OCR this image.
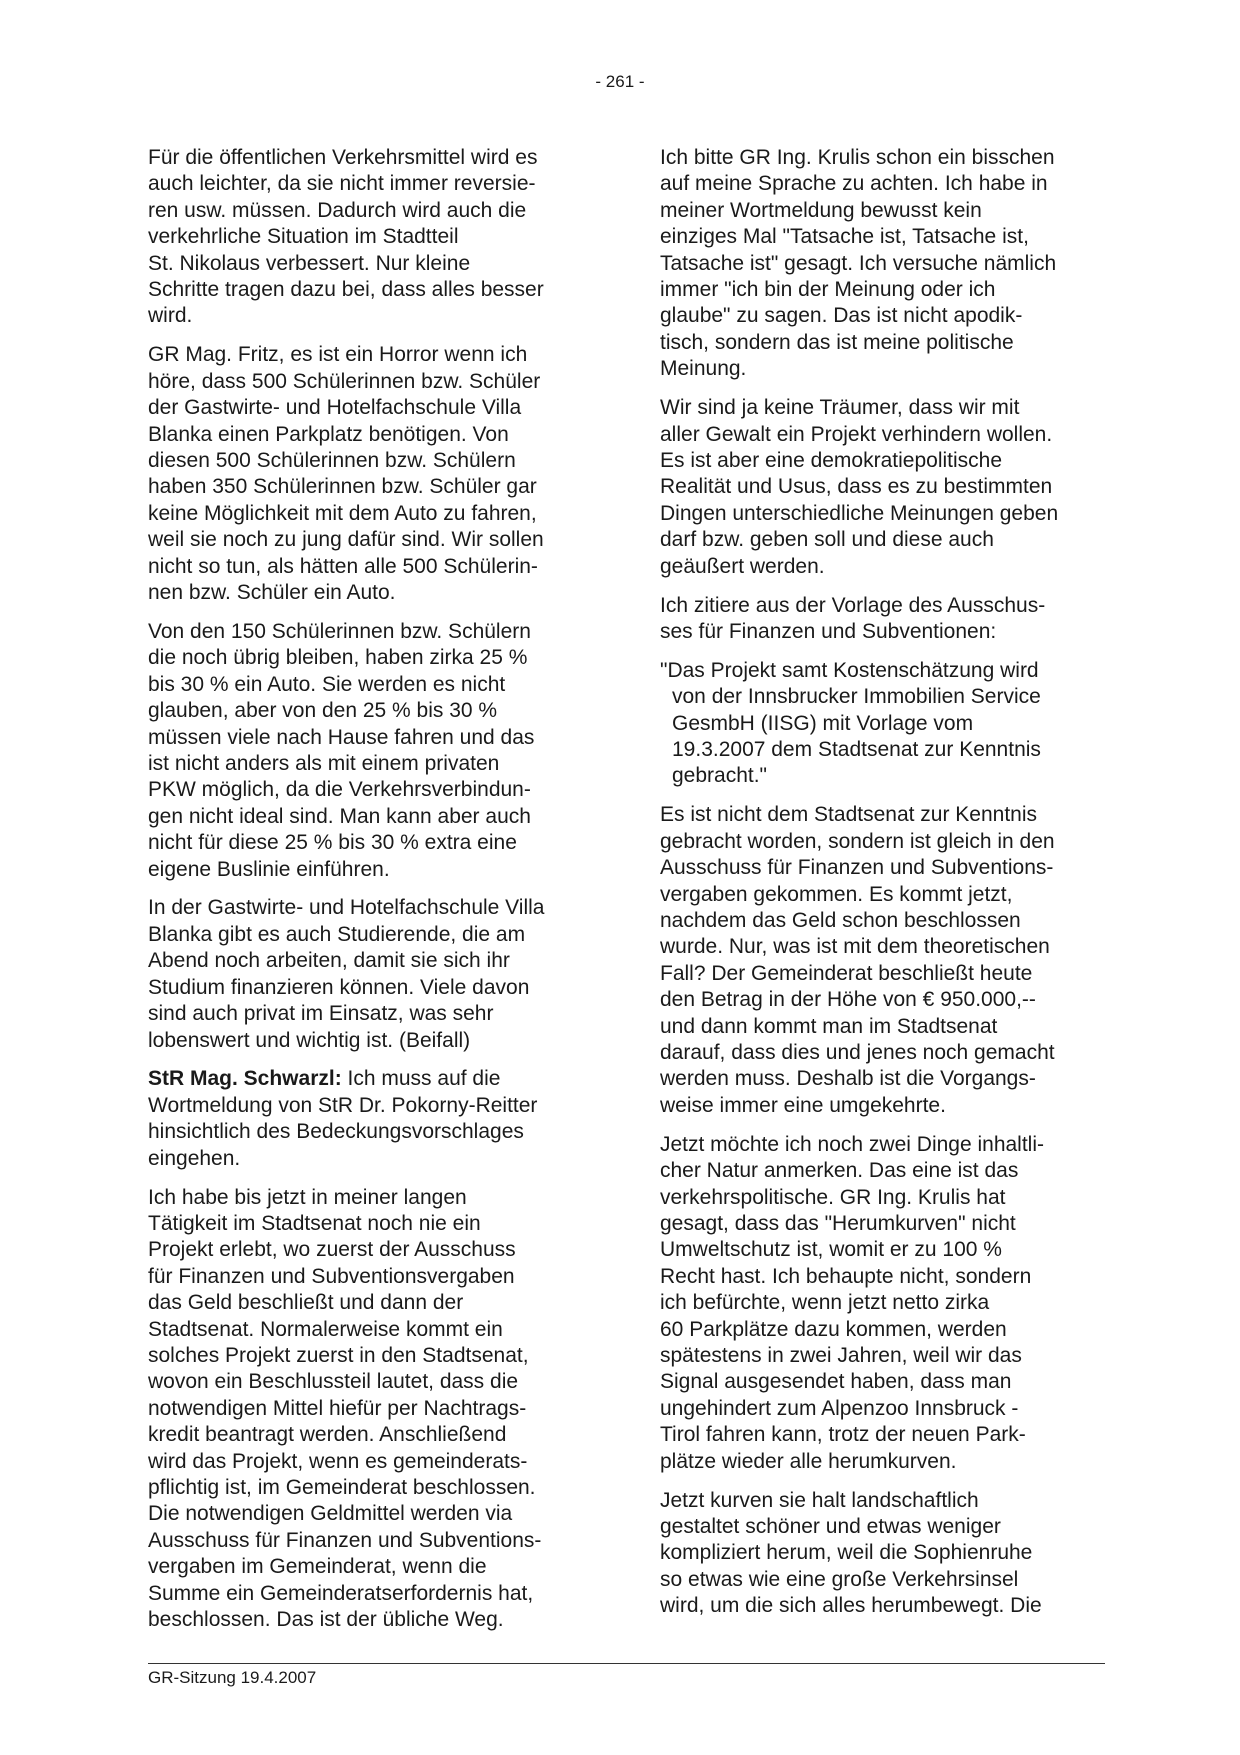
- 261 -

Für die öffentlichen Verkehrsmittel wird es
auch leichter, da sie nicht immer reversie-
ren usw. müssen. Dadurch wird auch die
verkehrliche Situation im Stadtteil
St. Nikolaus verbessert. Nur kleine
Schritte tragen dazu bei, dass alles besser
wird.

GR Mag. Fritz, es ist ein Horror wenn ich
höre, dass 500 Schülerinnen bzw. Schüler
der Gastwirte- und Hotelfachschule Villa
Blanka einen Parkplatz benötigen. Von
diesen 500 Schülerinnen bzw. Schülern
haben 350 Schülerinnen bzw. Schüler gar
keine Möglichkeit mit dem Auto zu fahren,
weil sie noch zu jung dafür sind. Wir sollen
nicht so tun, als hätten alle 500 Schülerin-
nen bzw. Schüler ein Auto.

Von den 150 Schülerinnen bzw. Schülern
die noch übrig bleiben, haben zirka 25 %
bis 30 % ein Auto. Sie werden es nicht
glauben, aber von den 25 % bis 30 %
müssen viele nach Hause fahren und das
ist nicht anders als mit einem privaten
PKW möglich, da die Verkehrsverbindun-
gen nicht ideal sind. Man kann aber auch
nicht für diese 25 % bis 30 % extra eine
eigene Buslinie einführen.

In der Gastwirte- und Hotelfachschule Villa
Blanka gibt es auch Studierende, die am
Abend noch arbeiten, damit sie sich ihr
Studium finanzieren können. Viele davon
sind auch privat im Einsatz, was sehr
lobenswert und wichtig ist. (Beifall)

StR Mag. Schwarzl: Ich muss auf die
Wortmeldung von StR Dr. Pokorny-Reitter
hinsichtlich des Bedeckungsvorschlages
eingehen.

Ich habe bis jetzt in meiner langen
Tätigkeit im Stadtsenat noch nie ein
Projekt erlebt, wo zuerst der Ausschuss
für Finanzen und Subventionsvergaben
das Geld beschließt und dann der
Stadtsenat. Normalerweise kommt ein
solches Projekt zuerst in den Stadtsenat,
wovon ein Beschlussteil lautet, dass die
notwendigen Mittel hiefür per Nachtrags-
kredit beantragt werden. Anschließend
wird das Projekt, wenn es gemeinderats-
pflichtig ist, im Gemeinderat beschlossen.
Die notwendigen Geldmittel werden via
Ausschuss für Finanzen und Subventions-
vergaben im Gemeinderat, wenn die
Summe ein Gemeinderatserfordernis hat,
beschlossen. Das ist der übliche Weg.

Ich bitte GR Ing. Krulis schon ein bisschen
auf meine Sprache zu achten. Ich habe in
meiner Wortmeldung bewusst kein
einziges Mal "Tatsache ist, Tatsache ist,
Tatsache ist" gesagt. Ich versuche nämlich
immer "ich bin der Meinung oder ich
glaube" zu sagen. Das ist nicht apodik-
tisch, sondern das ist meine politische
Meinung.

Wir sind ja keine Träumer, dass wir mit
aller Gewalt ein Projekt verhindern wollen.
Es ist aber eine demokratiepolitische
Realität und Usus, dass es zu bestimmten
Dingen unterschiedliche Meinungen geben
darf bzw. geben soll und diese auch
geäußert werden.

Ich zitiere aus der Vorlage des Ausschus-
ses für Finanzen und Subventionen:

"Das Projekt samt Kostenschätzung wird
von der Innsbrucker Immobilien Service
GesmbH (IISG) mit Vorlage vom
19.3.2007 dem Stadtsenat zur Kenntnis
gebracht."

Es ist nicht dem Stadtsenat zur Kenntnis
gebracht worden, sondern ist gleich in den
Ausschuss für Finanzen und Subventions-
vergaben gekommen. Es kommt jetzt,
nachdem das Geld schon beschlossen
wurde. Nur, was ist mit dem theoretischen
Fall? Der Gemeinderat beschließt heute
den Betrag in der Höhe von € 950.000,--
und dann kommt man im Stadtsenat
darauf, dass dies und jenes noch gemacht
werden muss. Deshalb ist die Vorgangs-
weise immer eine umgekehrte.

Jetzt möchte ich noch zwei Dinge inhaltli-
cher Natur anmerken. Das eine ist das
verkehrspolitische. GR Ing. Krulis hat
gesagt, dass das "Herumkurven" nicht
Umweltschutz ist, womit er zu 100 %
Recht hast. Ich behaupte nicht, sondern
ich befürchte, wenn jetzt netto zirka
60 Parkplätze dazu kommen, werden
spätestens in zwei Jahren, weil wir das
Signal ausgesendet haben, dass man
ungehindert zum Alpenzoo Innsbruck -
Tirol fahren kann, trotz der neuen Park-
plätze wieder alle herumkurven.

Jetzt kurven sie halt landschaftlich
gestaltet schöner und etwas weniger
kompliziert herum, weil die Sophienruhe
so etwas wie eine große Verkehrsinsel
wird, um die sich alles herumbewegt. Die

GR-Sitzung 19.4.2007
